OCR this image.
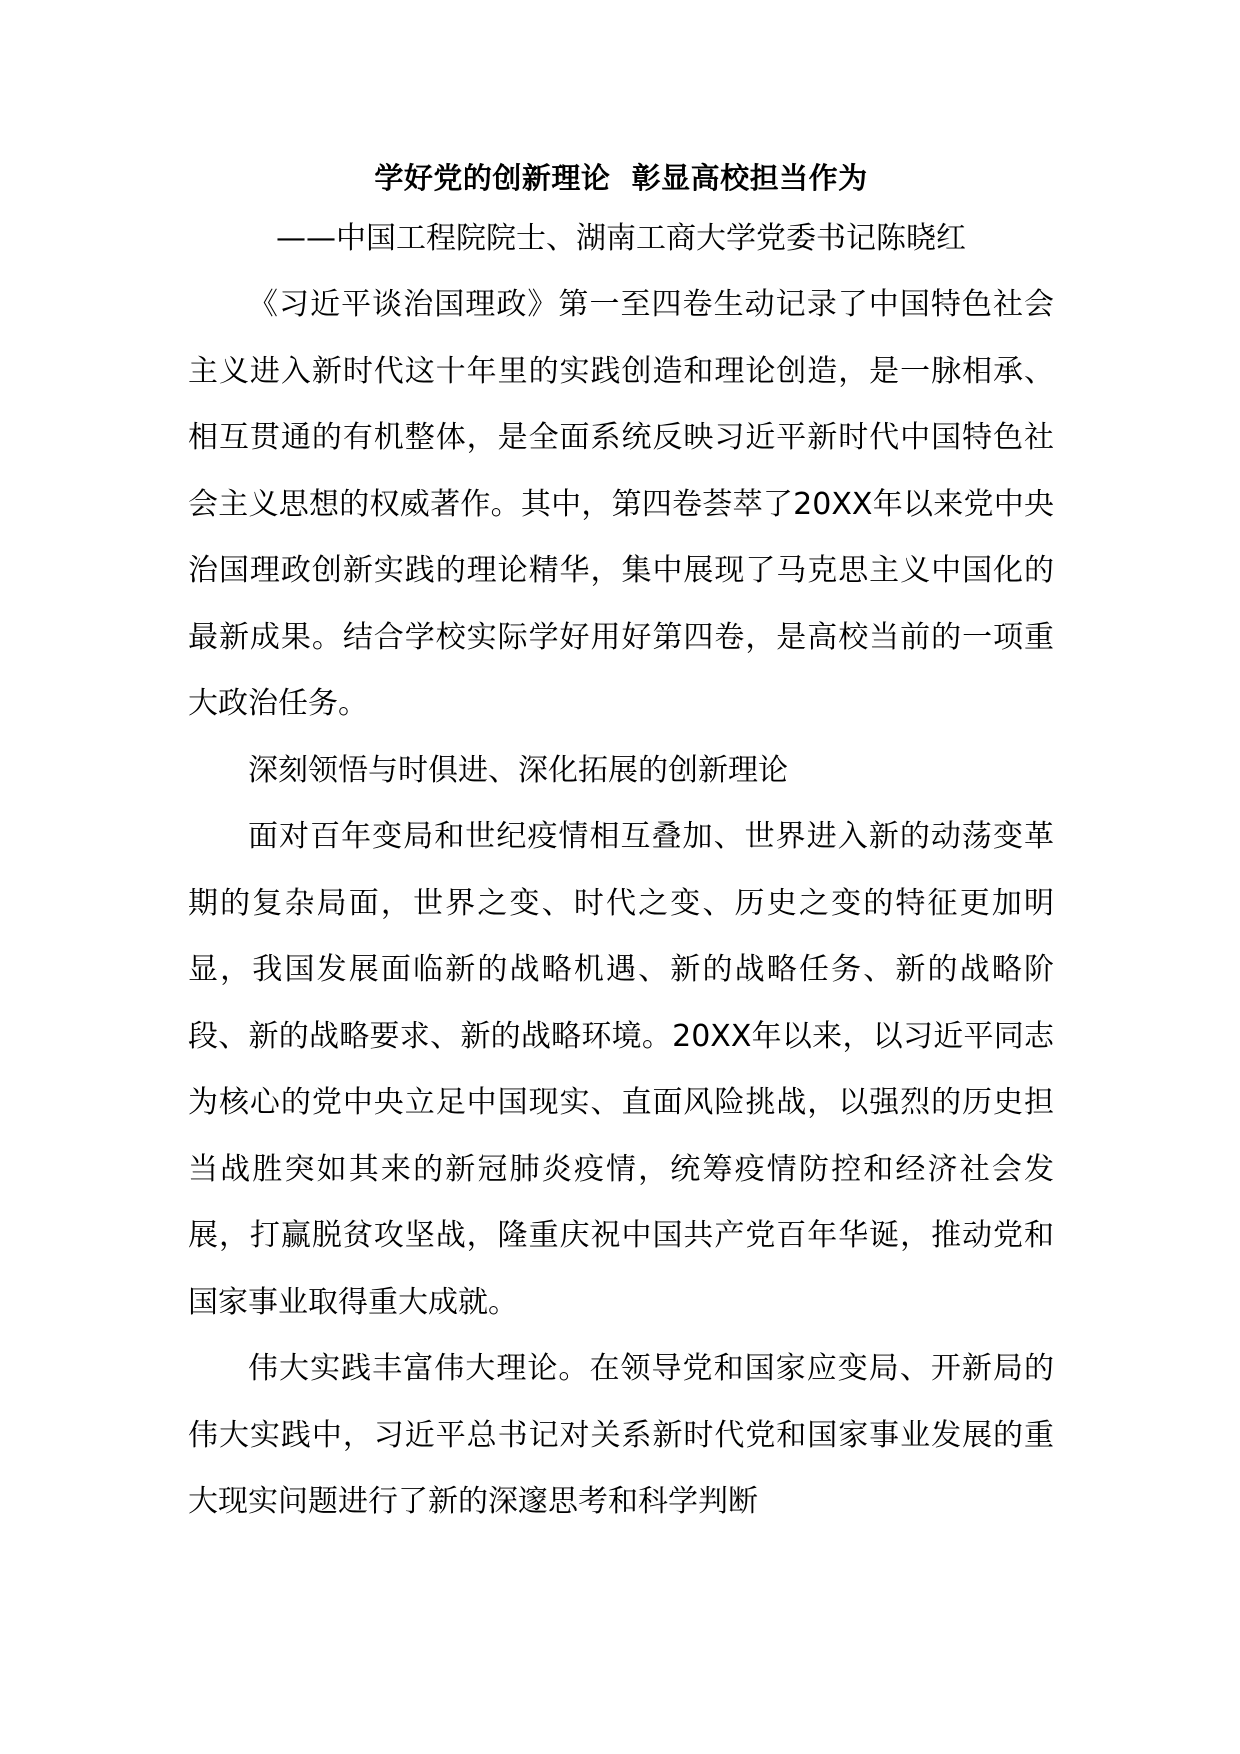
学好党的创新理论  彰显高校担当作为
——中国工程院院士、湖南工商大学党委书记陈晓红

《习近平谈治国理政》第一至四卷生动记录了中国特色社会主义进入新时代这十年里的实践创造和理论创造，是一脉相承、相互贯通的有机整体，是全面系统反映习近平新时代中国特色社会主义思想的权威著作。其中，第四卷荟萃了20XX年以来党中央治国理政创新实践的理论精华，集中展现了马克思主义中国化的最新成果。结合学校实际学好用好第四卷，是高校当前的一项重大政治任务。

深刻领悟与时俱进、深化拓展的创新理论

面对百年变局和世纪疫情相互叠加、世界进入新的动荡变革期的复杂局面，世界之变、时代之变、历史之变的特征更加明显，我国发展面临新的战略机遇、新的战略任务、新的战略阶段、新的战略要求、新的战略环境。20XX年以来，以习近平同志为核心的党中央立足中国现实、直面风险挑战，以强烈的历史担当战胜突如其来的新冠肺炎疫情，统筹疫情防控和经济社会发展，打赢脱贫攻坚战，隆重庆祝中国共产党百年华诞，推动党和国家事业取得重大成就。

伟大实践丰富伟大理论。在领导党和国家应变局、开新局的伟大实践中，习近平总书记对关系新时代党和国家事业发展的重大现实问题进行了新的深邃思考和科学判断
